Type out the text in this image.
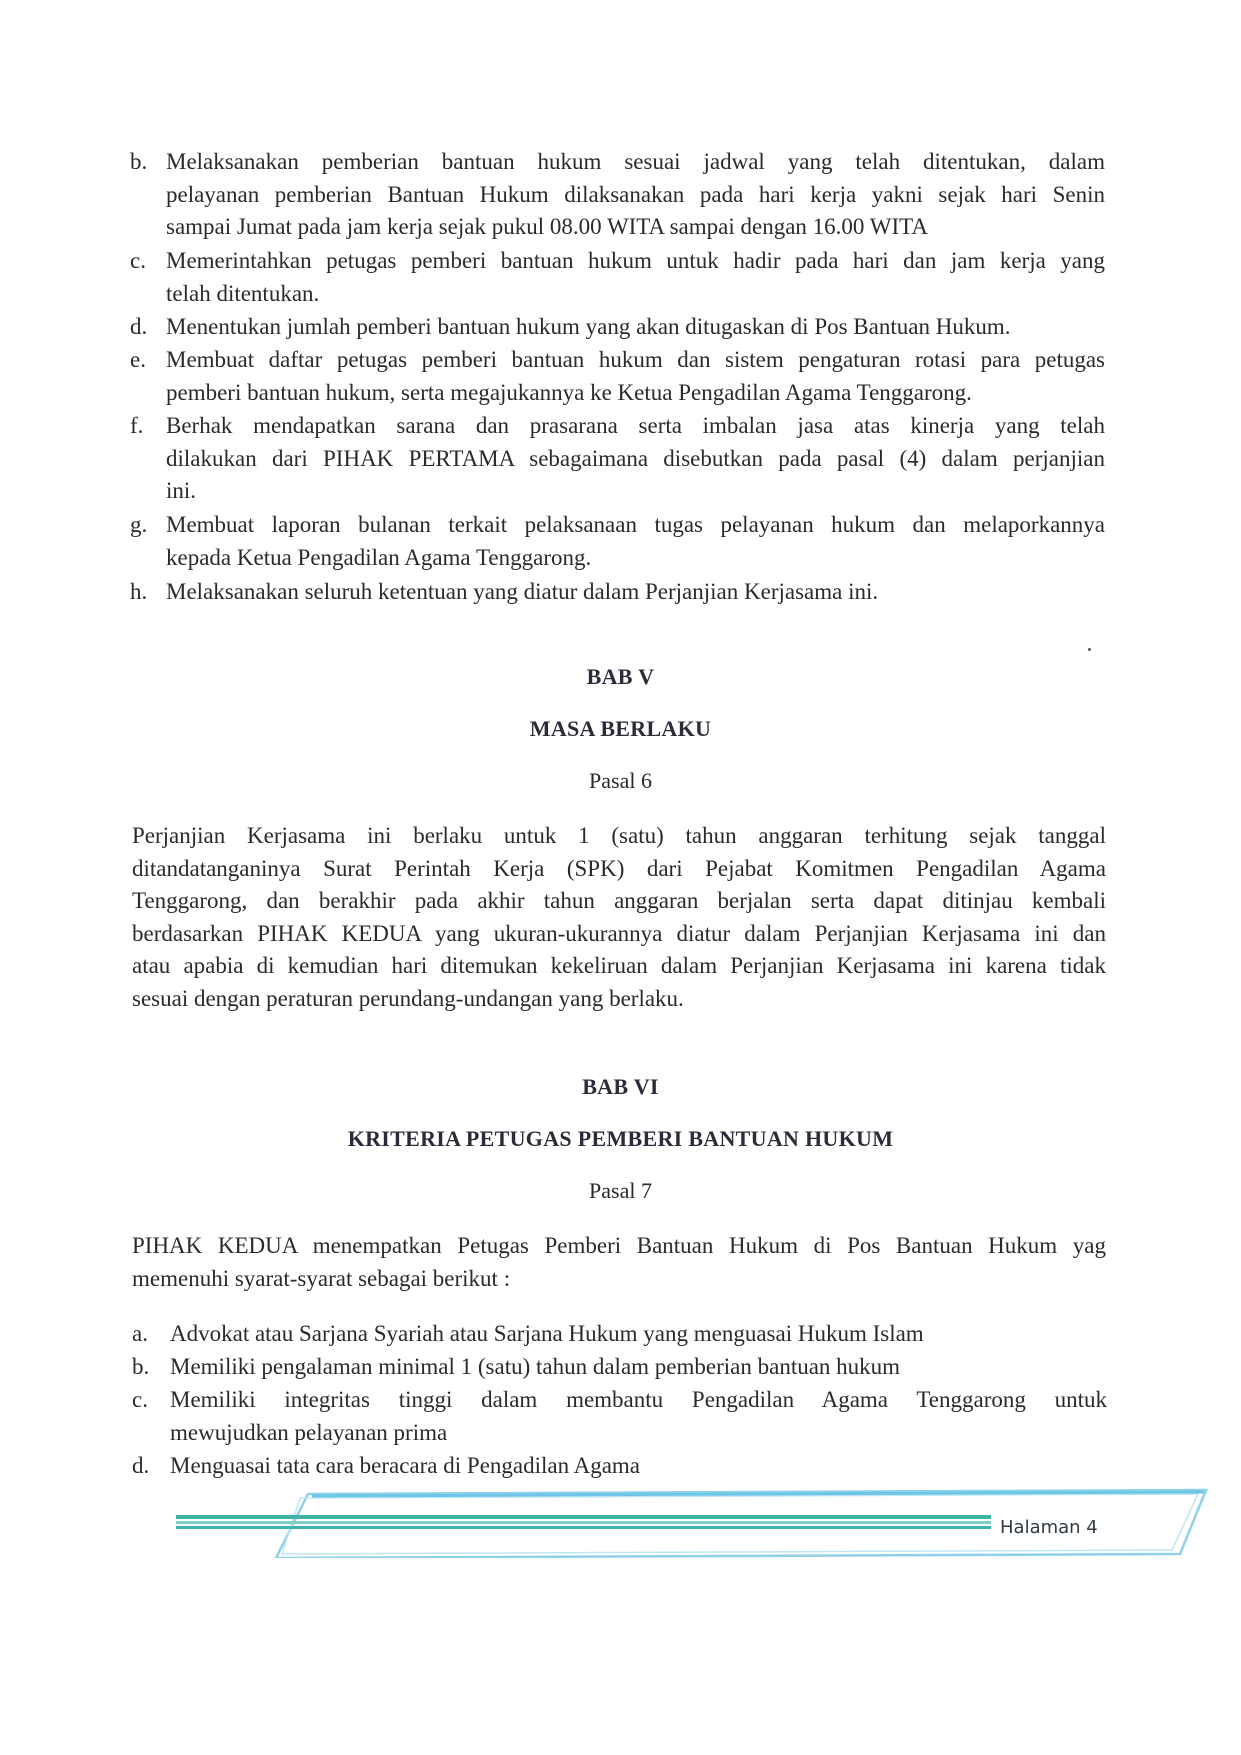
b. Melaksanakan pemberian bantuan hukum sesuai jadwal yang telah ditentukan, dalam
pelayanan pemberian Bantuan Hukum dilaksanakan pada hari kerja yakni sejak hari Senin
sampai Jumat pada jam kerja sejak pukul 08.00 WITA sampai dengan 16.00 WITA
c. Memerintahkan petugas pemberi bantuan hukum untuk hadir pada hari dan jam kerja yang
telah ditentukan.
d. Menentukan jumlah pemberi bantuan hukum yang akan ditugaskan di Pos Bantuan Hukum.
e. Membuat daftar petugas pemberi bantuan hukum dan sistem pengaturan rotasi para petugas
pemberi bantuan hukum, serta megajukannya ke Ketua Pengadilan Agama Tenggarong.
f. Berhak mendapatkan sarana dan prasarana serta imbalan jasa atas kinerja yang telah
dilakukan dari PIHAK PERTAMA sebagaimana disebutkan pada pasal (4) dalam perjanjian
ini.
g. Membuat laporan bulanan terkait pelaksanaan tugas pelayanan hukum dan melaporkannya
kepada Ketua Pengadilan Agama Tenggarong.
h. Melaksanakan seluruh ketentuan yang diatur dalam Perjanjian Kerjasama ini.
BAB V
MASA BERLAKU
Pasal 6
Perjanjian Kerjasama ini berlaku untuk 1 (satu) tahun anggaran terhitung sejak tanggal
ditandatanganinya Surat Perintah Kerja (SPK) dari Pejabat Komitmen Pengadilan Agama
Tenggarong, dan berakhir pada akhir tahun anggaran berjalan serta dapat ditinjau kembali
berdasarkan PIHAK KEDUA yang ukuran-ukurannya diatur dalam Perjanjian Kerjasama ini dan
atau apabia di kemudian hari ditemukan kekeliruan dalam Perjanjian Kerjasama ini karena tidak
sesuai dengan peraturan perundang-undangan yang berlaku.
BAB VI
KRITERIA PETUGAS PEMBERI BANTUAN HUKUM
Pasal 7
PIHAK KEDUA menempatkan Petugas Pemberi Bantuan Hukum di Pos Bantuan Hukum yag
memenuhi syarat-syarat sebagai berikut :
a. Advokat atau Sarjana Syariah atau Sarjana Hukum yang menguasai Hukum Islam
b. Memiliki pengalaman minimal 1 (satu) tahun dalam pemberian bantuan hukum
c. Memiliki integritas tinggi dalam membantu Pengadilan Agama Tenggarong untuk
mewujudkan pelayanan prima
d. Menguasai tata cara beracara di Pengadilan Agama
Halaman 4
